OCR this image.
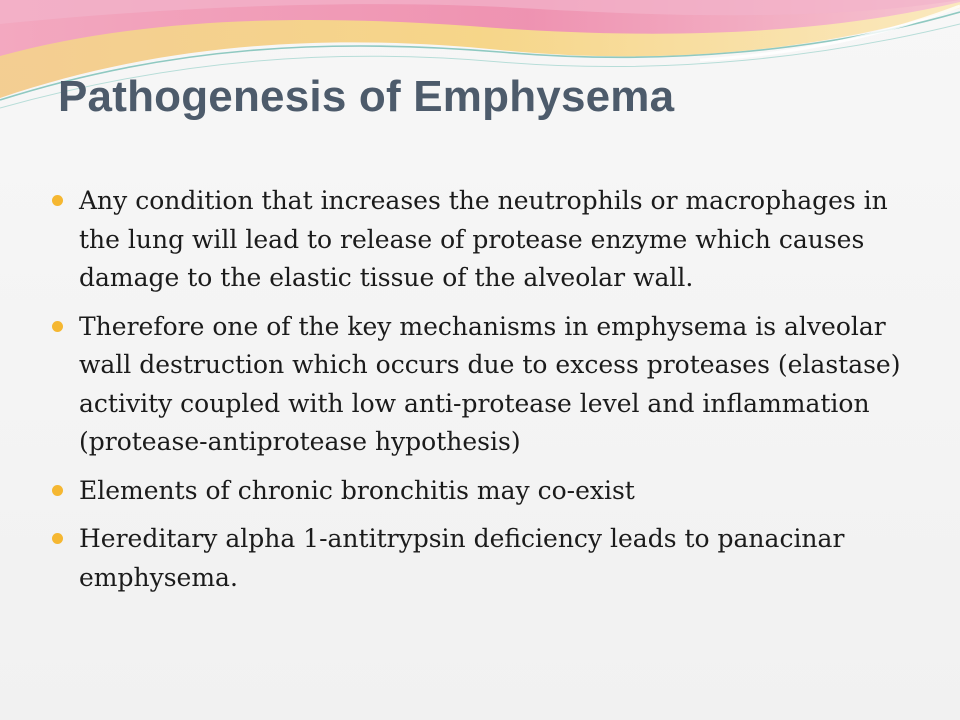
Pathogenesis of Emphysema
Any condition that increases the neutrophils or macrophages in the lung will lead to release of protease enzyme which causes damage to the elastic tissue of the alveolar wall.
Therefore one of the key mechanisms in emphysema is alveolar wall destruction which occurs due to excess proteases (elastase) activity coupled with low anti-protease level and inflammation (protease-antiprotease hypothesis)
Elements of chronic bronchitis may co-exist
Hereditary alpha 1-antitrypsin deficiency leads to panacinar emphysema.
